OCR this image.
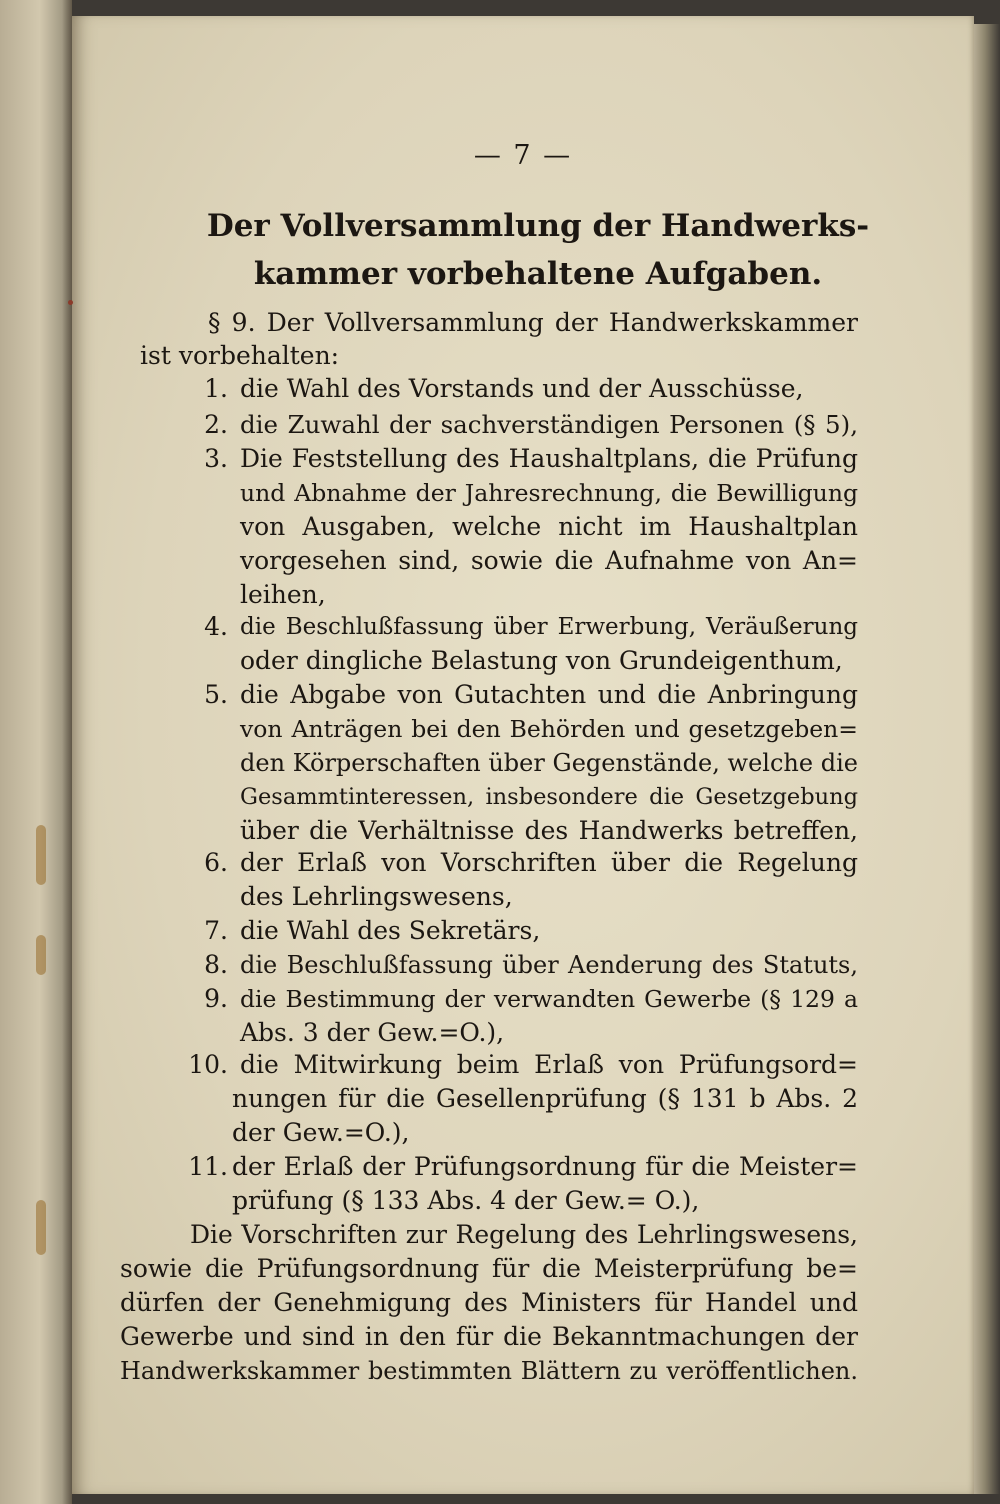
— 7 —
Der Vollversammlung der Handwerks-
kammer vorbehaltene Aufgaben.
§ 9. Der Vollversammlung der Handwerkskammer
ist vorbehalten:
1. die Wahl des Vorstands und der Ausschüsse,
2. die Zuwahl der sachverständigen Personen (§ 5),
3. Die Feststellung des Haushaltplans, die Prüfung
und Abnahme der Jahresrechnung, die Bewilligung
von Ausgaben, welche nicht im Haushaltplan
vorgesehen sind, sowie die Aufnahme von An=
leihen,
4. die Beschlußfassung über Erwerbung, Veräußerung
oder dingliche Belastung von Grundeigenthum,
5. die Abgabe von Gutachten und die Anbringung
von Anträgen bei den Behörden und gesetzgeben=
den Körperschaften über Gegenstände, welche die
Gesammtinteressen, insbesondere die Gesetzgebung
über die Verhältnisse des Handwerks betreffen,
6. der Erlaß von Vorschriften über die Regelung
des Lehrlingswesens,
7. die Wahl des Sekretärs,
8. die Beschlußfassung über Aenderung des Statuts,
9. die Bestimmung der verwandten Gewerbe (§ 129 a
Abs. 3 der Gew.=O.),
10. die Mitwirkung beim Erlaß von Prüfungsord=
nungen für die Gesellenprüfung (§ 131 b Abs. 2
der Gew.=O.),
11. der Erlaß der Prüfungsordnung für die Meister=
prüfung (§ 133 Abs. 4 der Gew.= O.),
Die Vorschriften zur Regelung des Lehrlingswesens,
sowie die Prüfungsordnung für die Meisterprüfung be=
dürfen der Genehmigung des Ministers für Handel und
Gewerbe und sind in den für die Bekanntmachungen der
Handwerkskammer bestimmten Blättern zu veröffentlichen.
